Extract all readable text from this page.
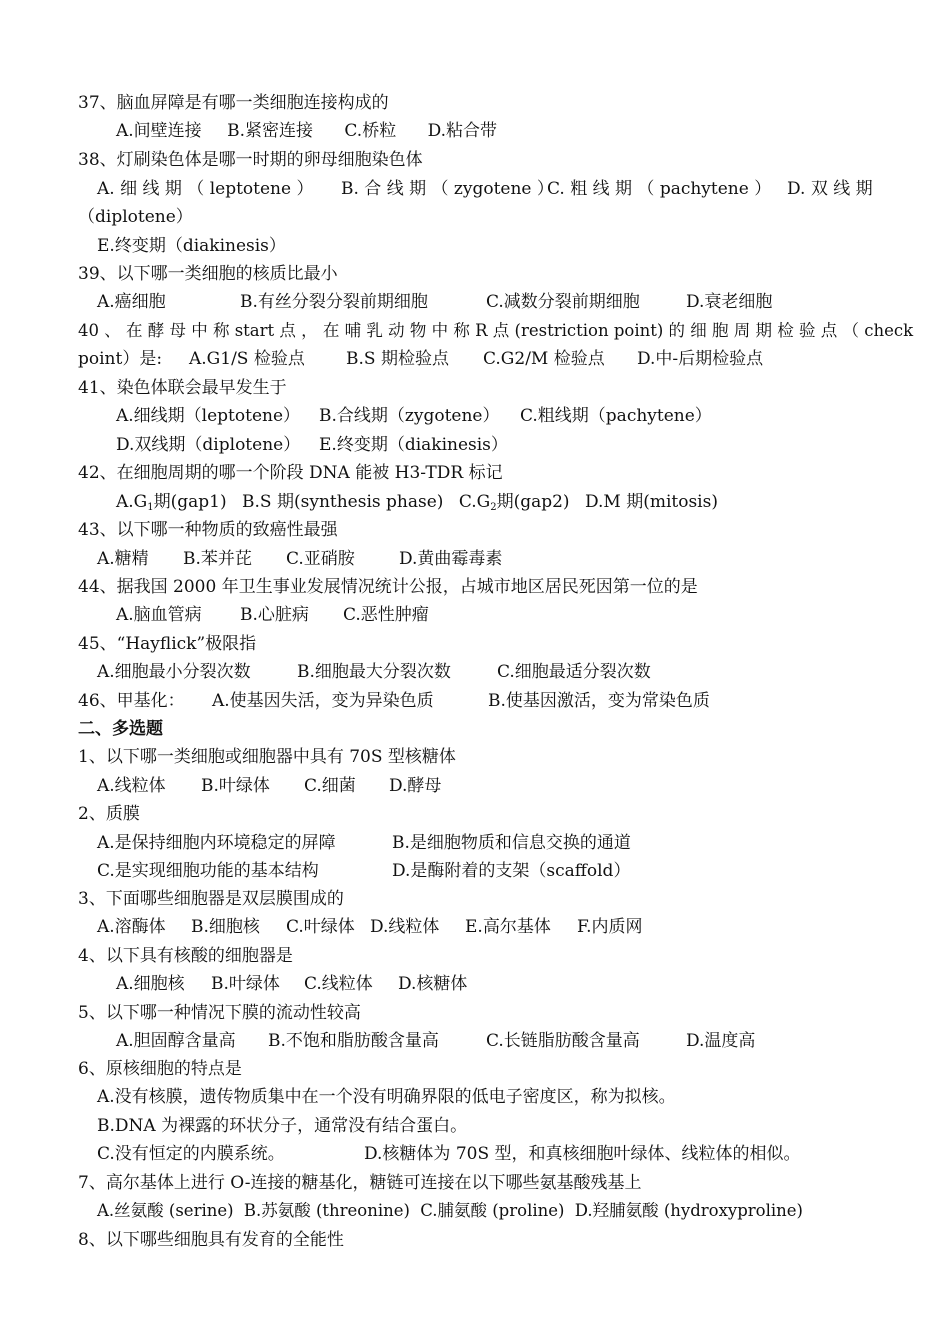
37、脑血屏障是有哪一类细胞连接构成的
A.间壁连接 B.紧密连接 C.桥粒 D.粘合带
38、灯刷染色体是哪一时期的卵母细胞染色体
A. 细 线 期 （ leptotene ） B. 合 线 期 （ zygotene ）
C. 粗 线 期 （ pachytene ） D. 双 线 期
（diplotene）
E.终变期（diakinesis）
39、以下哪一类细胞的核质比最小
A.癌细胞	B.有丝分裂分裂前期细胞	C.减数分裂前期细胞	D.衰老细胞
40 、 在 酵 母 中 称 start 点 ， 在 哺 乳 动 物 中 称 R 点 (restriction point) 的 细 胞 周 期 检 验 点 （ check
point）是: A.G1/S 检验点 B.S 期检验点 C.G2/M 检验点 D.中-后期检验点
41、染色体联会最早发生于
A.细线期（leptotene） B.合线期（zygotene） C.粗线期（pachytene）
D.双线期（diplotene） E.终变期（diakinesis）
42、在细胞周期的哪一个阶段 DNA 能被 H3-TDR 标记
$A.G_1$期(gap1) B.S 期(synthesis phase) $C.G_2$期(gap2) D.M 期(mitosis)
43、以下哪一种物质的致癌性最强
A.糖精 B.苯并芘 C.亚硝胺	D.黄曲霉毒素
44、据我国 2000 年卫生事业发展情况统计公报，占城市地区居民死因第一位的是
A.脑血管病 B.心脏病 C.恶性肿瘤
45、“Hayflick”极限指
A.细胞最小分裂次数	B.细胞最大分裂次数	C.细胞最适分裂次数
46、甲基化： A.使基因失活，变为异染色质	B.使基因激活，变为常染色质
二、多选题
1、以下哪一类细胞或细胞器中具有 70S 型核糖体
A.线粒体 B.叶绿体 C.细菌 D.酵母
2、质膜
A.是保持细胞内环境稳定的屏障	B.是细胞物质和信息交换的通道
C.是实现细胞功能的基本结构	D.是酶附着的支架（scaffold）
3、下面哪些细胞器是双层膜围成的
A.溶酶体 B.细胞核 C.叶绿体 D.线粒体 E.高尔基体 F.内质网
4、以下具有核酸的细胞器是
A.细胞核 B.叶绿体 C.线粒体 D.核糖体
5、以下哪一种情况下膜的流动性较高
A.胆固醇含量高 B.不饱和脂肪酸含量高	C.长链脂肪酸含量高	D.温度高
6、原核细胞的特点是
A.没有核膜，遗传物质集中在一个没有明确界限的低电子密度区，称为拟核。
B.DNA 为裸露的环状分子，通常没有结合蛋白。
C.没有恒定的内膜系统。	D.核糖体为 70S 型，和真核细胞叶绿体、线粒体的相似。
7、高尔基体上进行 O-连接的糖基化，糖链可连接在以下哪些氨基酸残基上
A.丝氨酸 (serine) B.苏氨酸 (threonine) C.脯氨酸 (proline) D.羟脯氨酸 (hydroxyproline)
8、以下哪些细胞具有发育的全能性
